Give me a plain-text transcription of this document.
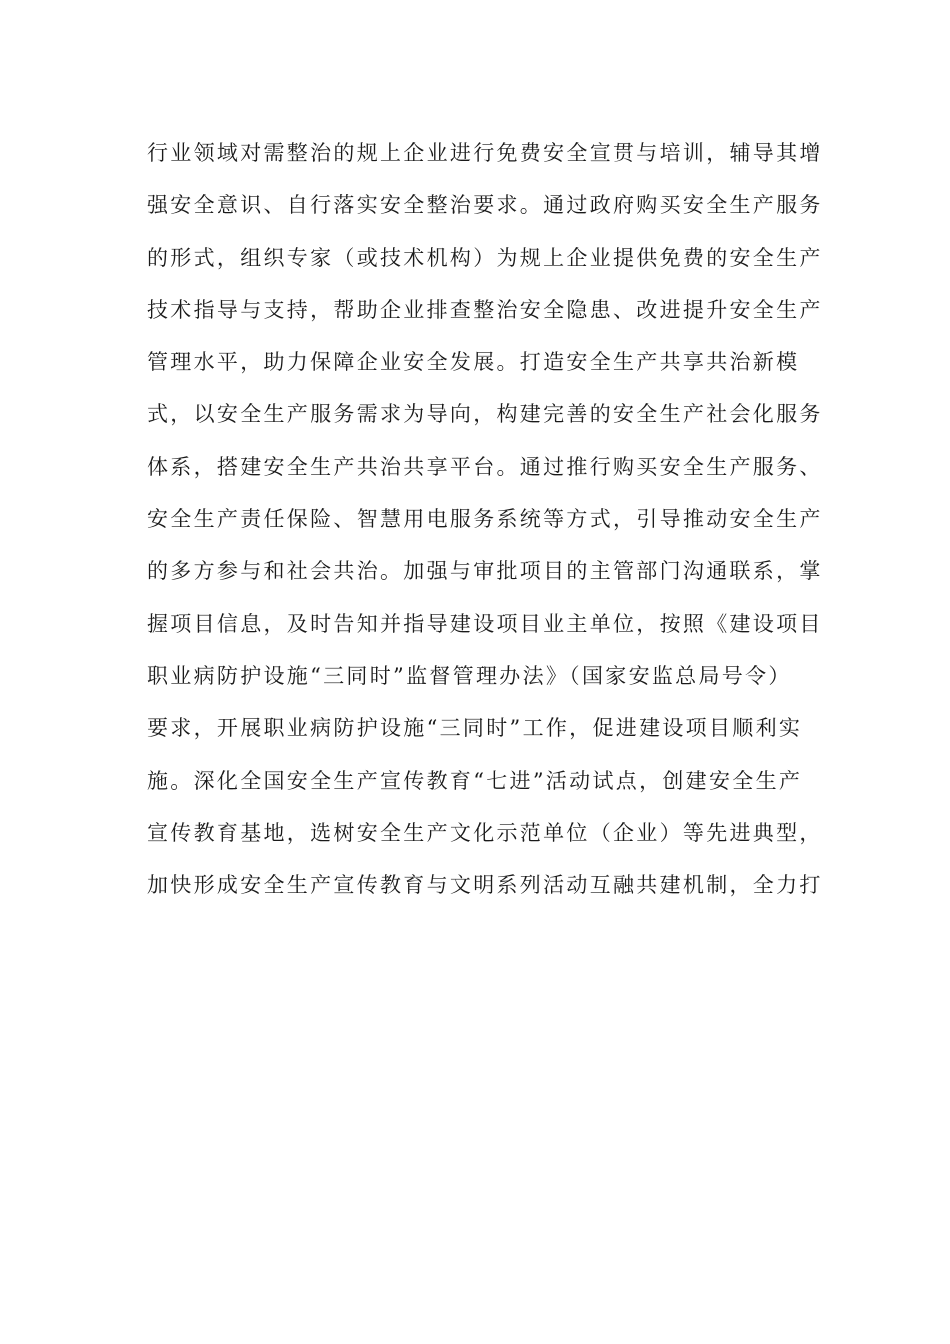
行业领域对需整治的规上企业进行免费安全宣贯与培训，辅导其增

强安全意识、自行落实安全整治要求。通过政府购买安全生产服务

的形式，组织专家（或技术机构）为规上企业提供免费的安全生产

技术指导与支持，帮助企业排查整治安全隐患、改进提升安全生产

管理水平，助力保障企业安全发展。打造安全生产共享共治新模

式，以安全生产服务需求为导向，构建完善的安全生产社会化服务

体系，搭建安全生产共治共享平台。通过推行购买安全生产服务、

安全生产责任保险、智慧用电服务系统等方式，引导推动安全生产

的多方参与和社会共治。加强与审批项目的主管部门沟通联系，掌

握项目信息，及时告知并指导建设项目业主单位，按照《建设项目

职业病防护设施“三同时”监督管理办法》（国家安监总局号令）

要求，开展职业病防护设施“三同时”工作，促进建设项目顺利实

施。深化全国安全生产宣传教育“七进”活动试点，创建安全生产

宣传教育基地，选树安全生产文化示范单位（企业）等先进典型，

加快形成安全生产宣传教育与文明系列活动互融共建机制，全力打
